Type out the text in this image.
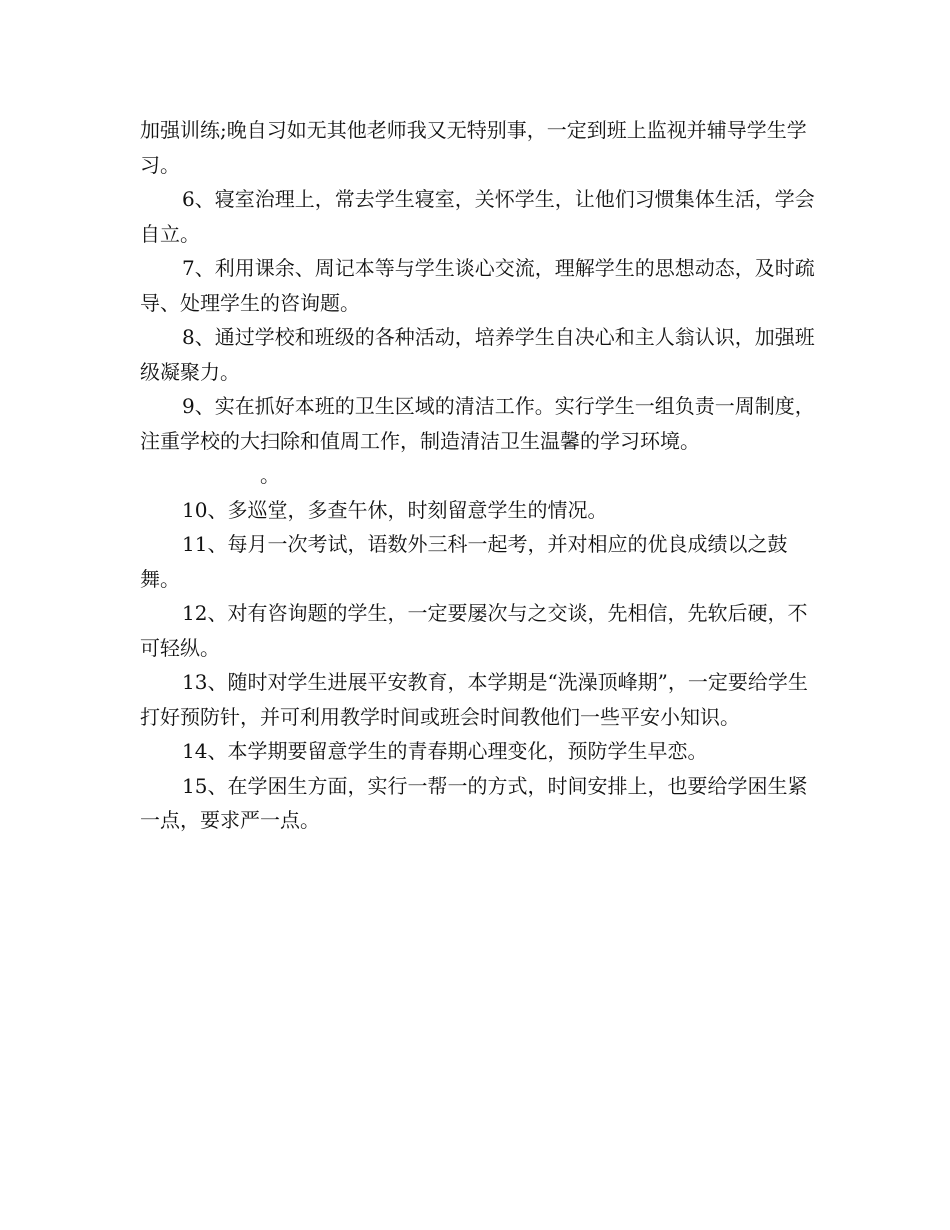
加强训练;晚自习如无其他老师我又无特别事，一定到班上监视并辅导学生学习。

6、寝室治理上，常去学生寝室，关怀学生，让他们习惯集体生活，学会自立。

7、利用课余、周记本等与学生谈心交流，理解学生的思想动态，及时疏导、处理学生的咨询题。

8、通过学校和班级的各种活动，培养学生自决心和主人翁认识，加强班级凝聚力。

9、实在抓好本班的卫生区域的清洁工作。实行学生一组负责一周制度，注重学校的大扫除和值周工作，制造清洁卫生温馨的学习环境。

。

10、多巡堂，多查午休，时刻留意学生的情况。

11、每月一次考试，语数外三科一起考，并对相应的优良成绩以之鼓舞。

12、对有咨询题的学生，一定要屡次与之交谈，先相信，先软后硬，不可轻纵。

13、随时对学生进展平安教育，本学期是“洗澡顶峰期”，一定要给学生打好预防针，并可利用教学时间或班会时间教他们一些平安小知识。

14、本学期要留意学生的青春期心理变化，预防学生早恋。

15、在学困生方面，实行一帮一的方式，时间安排上，也要给学困生紧一点，要求严一点。
